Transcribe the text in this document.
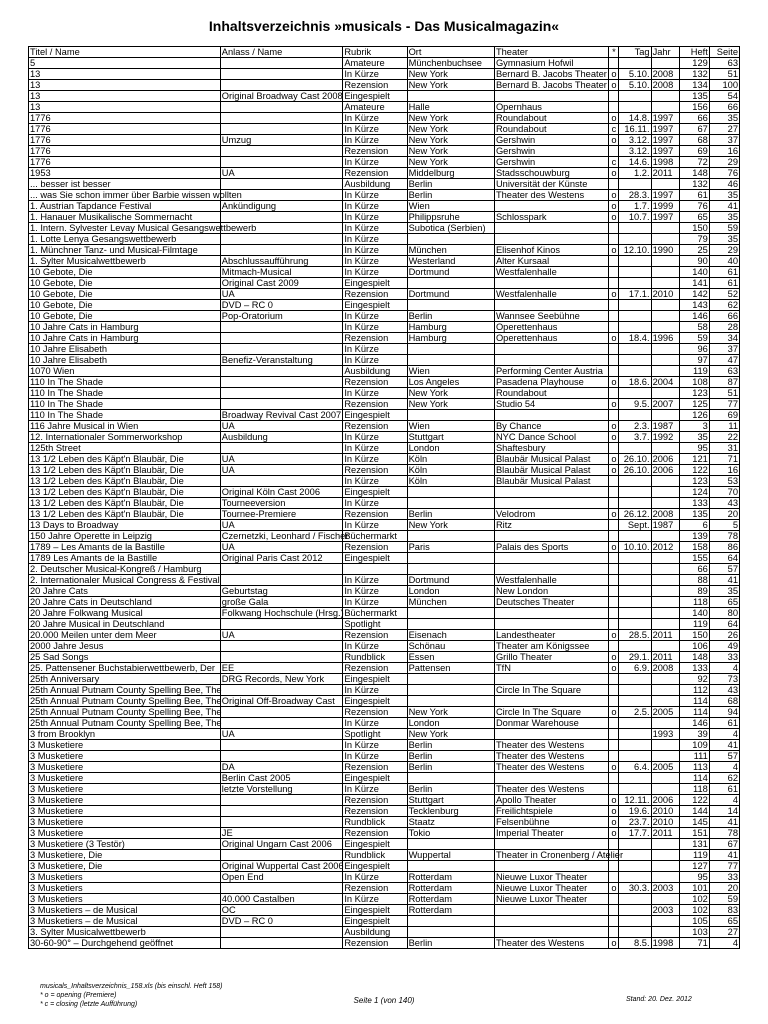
Inhaltsverzeichnis »musicals - Das Musicalmagazin«
Titel / Name	Anlass / Name	Rubrik	Ort	Theater	*	Tag	Jahr	Heft	Seite
5		Amateure	Münchenbuchsee	Gymnasium Hofwil				129	63
13		In Kürze	New York	Bernard B. Jacobs Theater	o	5.10.	2008	132	51
13		Rezension	New York	Bernard B. Jacobs Theater	o	5.10.	2008	134	100
13	Original Broadway Cast 2008	Eingespielt						135	54
13		Amateure	Halle	Opernhaus				156	66
1776		In Kürze	New York	Roundabout	o	14.8.	1997	66	35
1776		In Kürze	New York	Roundabout	c	16.11.	1997	67	27
1776	Umzug	In Kürze	New York	Gershwin	o	3.12.	1997	68	37
1776		Rezension	New York	Gershwin		3.12.	1997	69	16
1776		In Kürze	New York	Gershwin	c	14.6.	1998	72	29
1953	UA	Rezension	Middelburg	Stadsschouwburg	o	1.2.	2011	148	76
... besser ist besser		Ausbildung	Berlin	Universität der Künste				132	46
... was Sie schon immer über Barbie wissen wollten		In Kürze	Berlin	Theater des Westens	o	28.3.	1997	61	35
1. Austrian Tapdance Festival	Ankündigung	In Kürze	Wien		o	1.7.	1999	76	41
1. Hanauer Musikalische Sommernacht		In Kürze	Philippsruhe	Schlosspark	o	10.7.	1997	65	35
1. Intern. Sylvester Levay Musical Gesangswettbewerb		In Kürze	Subotica (Serbien)					150	59
1. Lotte Lenya Gesangswettbewerb		In Kürze						79	35
1. Münchner Tanz- und Musical-Filmtage		In Kürze	München	Elisenhof Kinos	o	12.10.	1990	25	29
1. Sylter Musicalwettbewerb	Abschlussaufführung	In Kürze	Westerland	Alter Kursaal				90	40
10 Gebote, Die	Mitmach-Musical	In Kürze	Dortmund	Westfalenhalle				140	61
10 Gebote, Die	Original Cast 2009	Eingespielt						141	61
10 Gebote, Die	UA	Rezension	Dortmund	Westfalenhalle	o	17.1.	2010	142	52
10 Gebote, Die	DVD – RC 0	Eingespielt						143	62
10 Gebote, Die	Pop-Oratorium	In Kürze	Berlin	Wannsee Seebühne				146	66
10 Jahre Cats in Hamburg		In Kürze	Hamburg	Operettenhaus				58	28
10 Jahre Cats in Hamburg		Rezension	Hamburg	Operettenhaus	o	18.4.	1996	59	34
10 Jahre Elisabeth		In Kürze						96	37
10 Jahre Elisabeth	Benefiz-Veranstaltung	In Kürze						97	47
1070 Wien		Ausbildung	Wien	Performing Center Austria				119	63
110 In The Shade		Rezension	Los Angeles	Pasadena Playhouse	o	18.6.	2004	108	87
110 In The Shade		In Kürze	New York	Roundabout				123	51
110 In The Shade		Rezension	New York	Studio 54	o	9.5.	2007	125	77
110 In The Shade	Broadway Revival Cast 2007	Eingespielt						126	69
116 Jahre Musical in Wien	UA	Rezension	Wien	By Chance	o	2.3.	1987	3	11
12. Internationaler Sommerworkshop	Ausbildung	In Kürze	Stuttgart	NYC Dance School	o	3.7.	1992	35	22
125th Street		In Kürze	London	Shaftesbury				95	31
13 1/2 Leben des Käpt'n Blaubär, Die	UA	In Kürze	Köln	Blaubär Musical Palast	o	26.10.	2006	121	71
13 1/2 Leben des Käpt'n Blaubär, Die	UA	Rezension	Köln	Blaubär Musical Palast	o	26.10.	2006	122	16
13 1/2 Leben des Käpt'n Blaubär, Die		In Kürze	Köln	Blaubär Musical Palast				123	53
13 1/2 Leben des Käpt'n Blaubär, Die	Original Köln Cast 2006	Eingespielt						124	70
13 1/2 Leben des Käpt'n Blaubär, Die	Tourneeversion	In Kürze						133	43
13 1/2 Leben des Käpt'n Blaubär, Die	Tournee-Premiere	Rezension	Berlin	Velodrom	o	26.12.	2008	135	20
13 Days to Broadway	UA	In Kürze	New York	Ritz		Sept.	1987	6	5
150 Jahre Operette in Leipzig	Czernetzki, Leonhard / Fischer	Büchermarkt						139	78
1789 – Les Amants de la Bastille	UA	Rezension	Paris	Palais des Sports	o	10.10.	2012	158	86
1789 Les Amants de la Bastille	Original Paris Cast 2012	Eingespielt						155	64
2. Deutscher Musical-Kongreß / Hamburg								66	57
2. Internationaler Musical Congress & Festival		In Kürze	Dortmund	Westfalenhalle				88	41
20 Jahre Cats	Geburtstag	In Kürze	London	New London				89	35
20 Jahre Cats in Deutschland	große Gala	In Kürze	München	Deutsches Theater				118	65
20 Jahre Folkwang Musical	Folkwang Hochschule (Hrsg.)	Büchermarkt						140	80
20 Jahre Musical in Deutschland		Spotlight						119	64
20.000 Meilen unter dem Meer	UA	Rezension	Eisenach	Landestheater	o	28.5.	2011	150	26
2000 Jahre Jesus		In Kürze	Schönau	Theater am Königssee				106	49
25 Sad Songs		Rundblick	Essen	Grillo Theater	o	29.1.	2011	148	33
25. Pattensener Buchstabierwettbewerb, Der	EE	Rezension	Pattensen	TfN	o	6.9.	2008	133	4
25th Anniversary	DRG Records, New York	Eingespielt						92	73
25th Annual Putnam County Spelling Bee, The		In Kürze		Circle In The Square				112	43
25th Annual Putnam County Spelling Bee, The	Original Off-Broadway Cast	Eingespielt						114	68
25th Annual Putnam County Spelling Bee, The		Rezension	New York	Circle In The Square	o	2.5.	2005	114	94
25th Annual Putnam County Spelling Bee, The		In Kürze	London	Donmar Warehouse				146	61
3 from Brooklyn	UA	Spotlight	New York				1993	39	4
3 Musketiere		In Kürze	Berlin	Theater des Westens				109	41
3 Musketiere		In Kürze	Berlin	Theater des Westens				111	57
3 Musketiere	DA	Rezension	Berlin	Theater des Westens	o	6.4.	2005	113	4
3 Musketiere	Berlin Cast 2005	Eingespielt						114	62
3 Musketiere	letzte Vorstellung	In Kürze	Berlin	Theater des Westens				118	61
3 Musketiere		Rezension	Stuttgart	Apollo Theater	o	12.11.	2006	122	4
3 Musketiere		Rezension	Tecklenburg	Freilichtspiele	o	19.6.	2010	144	14
3 Musketiere		Rundblick	Staatz	Felsenbühne	o	23.7.	2010	145	41
3 Musketiere	JE	Rezension	Tokio	Imperial Theater	o	17.7.	2011	151	78
3 Musketiere (3 Testör)	Original Ungarn Cast 2006	Eingespielt						131	67
3 Musketiere, Die		Rundblick	Wuppertal	Theater in Cronenberg / Atelier				119	41
3 Musketiere, Die	Original Wuppertal Cast 2006	Eingespielt						127	77
3 Musketiers	Open End	In Kürze	Rotterdam	Nieuwe Luxor Theater				95	33
3 Musketiers		Rezension	Rotterdam	Nieuwe Luxor Theater	o	30.3.	2003	101	20
3 Musketiers	40.000 Castalben	In Kürze	Rotterdam	Nieuwe Luxor Theater				102	59
3 Musketiers – de Musical	OC	Eingespielt	Rotterdam				2003	102	83
3 Musketiers – de Musical	DVD – RC 0	Eingespielt						105	65
3. Sylter Musicalwettbewerb		Ausbildung						103	27
30-60-90° – Durchgehend geöffnet		Rezension	Berlin	Theater des Westens	o	8.5.	1998	71	4
musicals_Inhaltsverzeichnis_158.xls (bis einschl. Heft 158)
* o = opening (Premiere)
* c = closing (letzte Aufführung)	Seite 1 (von 140)	Stand: 20. Dez. 2012
